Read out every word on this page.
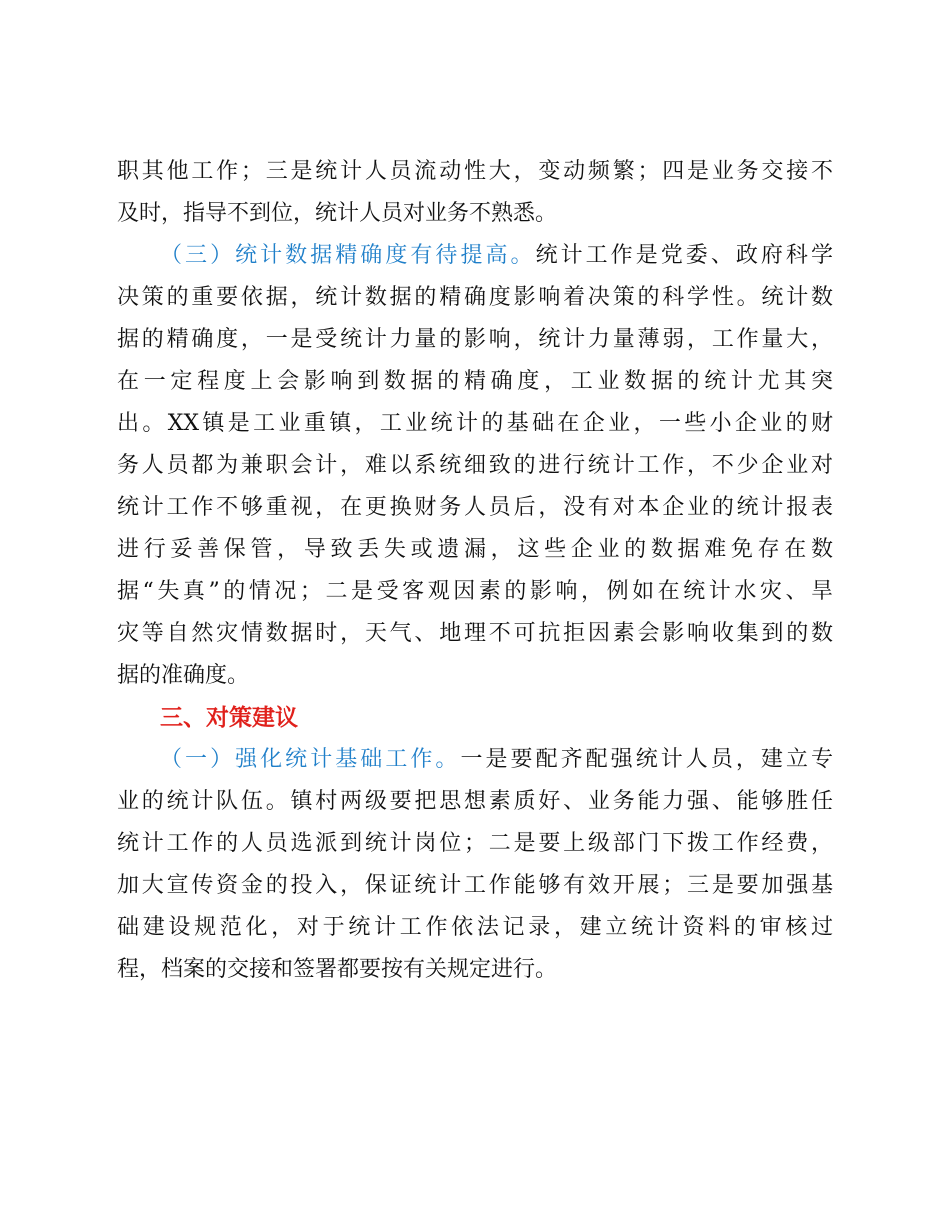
职其他工作；三是统计人员流动性大，变动频繁；四是业务交接不
及时，指导不到位，统计人员对业务不熟悉。
（三）统计数据精确度有待提高。统计工作是党委、政府科学
决策的重要依据，统计数据的精确度影响着决策的科学性。统计数
据的精确度，一是受统计力量的影响，统计力量薄弱，工作量大，
在一定程度上会影响到数据的精确度，工业数据的统计尤其突
出。XX镇是工业重镇，工业统计的基础在企业，一些小企业的财
务人员都为兼职会计，难以系统细致的进行统计工作，不少企业对
统计工作不够重视，在更换财务人员后，没有对本企业的统计报表
进行妥善保管，导致丢失或遗漏，这些企业的数据难免存在数
据“失真”的情况；二是受客观因素的影响，例如在统计水灾、旱
灾等自然灾情数据时，天气、地理不可抗拒因素会影响收集到的数
据的准确度。
三、对策建议
（一）强化统计基础工作。一是要配齐配强统计人员，建立专
业的统计队伍。镇村两级要把思想素质好、业务能力强、能够胜任
统计工作的人员选派到统计岗位；二是要上级部门下拨工作经费，
加大宣传资金的投入，保证统计工作能够有效开展；三是要加强基
础建设规范化，对于统计工作依法记录，建立统计资料的审核过
程，档案的交接和签署都要按有关规定进行。
